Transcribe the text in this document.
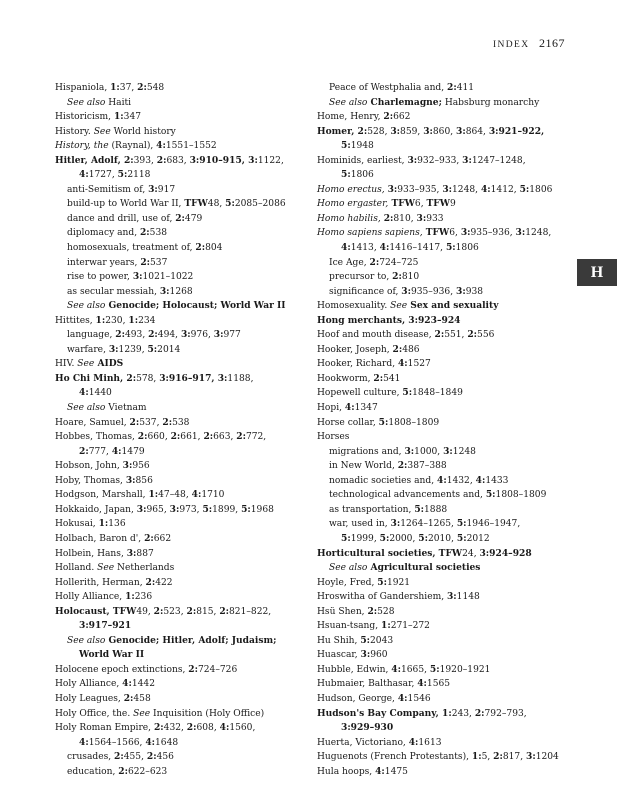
INDEX 2167
H
Hispaniola, 1:37, 2:548
See also Haiti
Historicism, 1:347
History. See World history
History, the (Raynal), 4:1551–1552
Hitler, Adolf, 2:393, 2:683, 3:910–915, 3:1122,
4:1727, 5:2118
anti-Semitism of, 3:917
build-up to World War II, TFW48, 5:2085–2086
dance and drill, use of, 2:479
diplomacy and, 2:538
homosexuals, treatment of, 2:804
interwar years, 2:537
rise to power, 3:1021–1022
as secular messiah, 3:1268
See also Genocide; Holocaust; World War II
Hittites, 1:230, 1:234
language, 2:493, 2:494, 3:976, 3:977
warfare, 3:1239, 5:2014
HIV. See AIDS
Ho Chi Minh, 2:578, 3:916–917, 3:1188,
4:1440
See also Vietnam
Hoare, Samuel, 2:537, 2:538
Hobbes, Thomas, 2:660, 2:661, 2:663, 2:772,
2:777, 4:1479
Hobson, John, 3:956
Hoby, Thomas, 3:856
Hodgson, Marshall, 1:47–48, 4:1710
Hokkaido, Japan, 3:965, 3:973, 5:1899, 5:1968
Hokusai, 1:136
Holbach, Baron d', 2:662
Holbein, Hans, 3:887
Holland. See Netherlands
Hollerith, Herman, 2:422
Holly Alliance, 1:236
Holocaust, TFW49, 2:523, 2:815, 2:821–822,
3:917–921
See also Genocide; Hitler, Adolf; Judaism;
World War II
Holocene epoch extinctions, 2:724–726
Holy Alliance, 4:1442
Holy Leagues, 2:458
Holy Office, the. See Inquisition (Holy Office)
Holy Roman Empire, 2:432, 2:608, 4:1560,
4:1564–1566, 4:1648
crusades, 2:455, 2:456
education, 2:622–623
Peace of Westphalia and, 2:411
See also Charlemagne; Habsburg monarchy
Home, Henry, 2:662
Homer, 2:528, 3:859, 3:860, 3:864, 3:921–922,
5:1948
Hominids, earliest, 3:932–933, 3:1247–1248,
5:1806
Homo erectus, 3:933–935, 3:1248, 4:1412, 5:1806
Homo ergaster, TFW6, TFW9
Homo habilis, 2:810, 3:933
Homo sapiens sapiens, TFW6, 3:935–936, 3:1248,
4:1413, 4:1416–1417, 5:1806
Ice Age, 2:724–725
precursor to, 2:810
significance of, 3:935–936, 3:938
Homosexuality. See Sex and sexuality
Hong merchants, 3:923–924
Hoof and mouth disease, 2:551, 2:556
Hooker, Joseph, 2:486
Hooker, Richard, 4:1527
Hookworm, 2:541
Hopewell culture, 5:1848–1849
Hopi, 4:1347
Horse collar, 5:1808–1809
Horses
migrations and, 3:1000, 3:1248
in New World, 2:387–388
nomadic societies and, 4:1432, 4:1433
technological advancements and, 5:1808–1809
as transportation, 5:1888
war, used in, 3:1264–1265, 5:1946–1947,
5:1999, 5:2000, 5:2010, 5:2012
Horticultural societies, TFW24, 3:924–928
See also Agricultural societies
Hoyle, Fred, 5:1921
Hroswitha of Gandershiem, 3:1148
Hsü Shen, 2:528
Hsuan-tsang, 1:271–272
Hu Shih, 5:2043
Huascar, 3:960
Hubble, Edwin, 4:1665, 5:1920–1921
Hubmaier, Balthasar, 4:1565
Hudson, George, 4:1546
Hudson's Bay Company, 1:243, 2:792–793,
3:929–930
Huerta, Victoriano, 4:1613
Huguenots (French Protestants), 1:5, 2:817, 3:1204
Hula hoops, 4:1475
